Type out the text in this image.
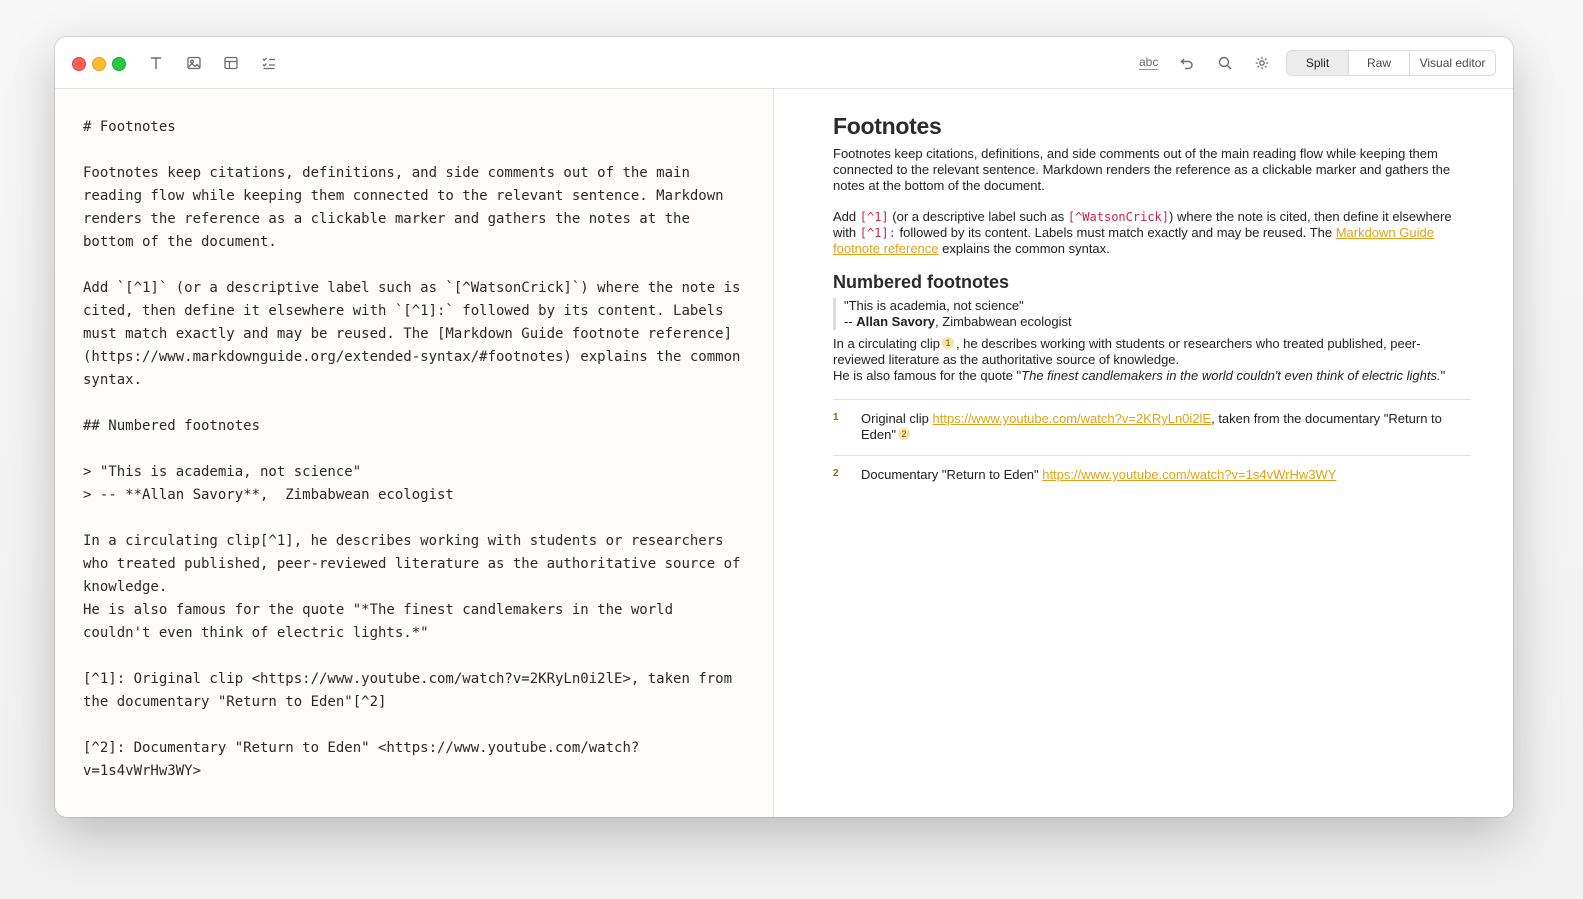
abc	Split	Raw	Visual editor
# Footnotes
Footnotes keep citations, definitions, and side comments out of the main
reading flow while keeping them connected to the relevant sentence. Markdown
renders the reference as a clickable marker and gathers the notes at the
bottom of the document.
Add `[^1]` (or a descriptive label such as `[^WatsonCrick]`) where the note is
cited, then define it elsewhere with `[^1]:` followed by its content. Labels
must match exactly and may be reused. The [Markdown Guide footnote reference]
(https://www.markdownguide.org/extended-syntax/#footnotes) explains the common
syntax.
## Numbered footnotes
> "This is academia, not science"
> -- **Allan Savory**,  Zimbabwean ecologist
In a circulating clip[^1], he describes working with students or researchers
who treated published, peer-reviewed literature as the authoritative source of
knowledge.
He is also famous for the quote "*The finest candlemakers in the world
couldn't even think of electric lights.*"
[^1]: Original clip <https://www.youtube.com/watch?v=2KRyLn0i2lE>, taken from
the documentary "Return to Eden"[^2]
[^2]: Documentary "Return to Eden" <https://www.youtube.com/watch?
v=1s4vWrHw3WY>
Footnotes

Footnotes keep citations, definitions, and side comments out of the main reading flow while keeping them connected to the relevant sentence. Markdown renders the reference as a clickable marker and gathers the notes at the bottom of the document.

Add [^1] (or a descriptive label such as [^WatsonCrick]) where the note is cited, then define it elsewhere with [^1]: followed by its content. Labels must match exactly and may be reused. The Markdown Guide footnote reference explains the common syntax.

Numbered footnotes
"This is academia, not science"
-- Allan Savory, Zimbabwean ecologist

In a circulating clip 1 , he describes working with students or researchers who treated published, peer-reviewed literature as the authoritative source of knowledge.
He is also famous for the quote "The finest candlemakers in the world couldn't even think of electric lights."

1 Original clip https://www.youtube.com/watch?v=2KRyLn0i2lE, taken from the documentary "Return to Eden" 2
2 Documentary "Return to Eden" https://www.youtube.com/watch?v=1s4vWrHw3WY
